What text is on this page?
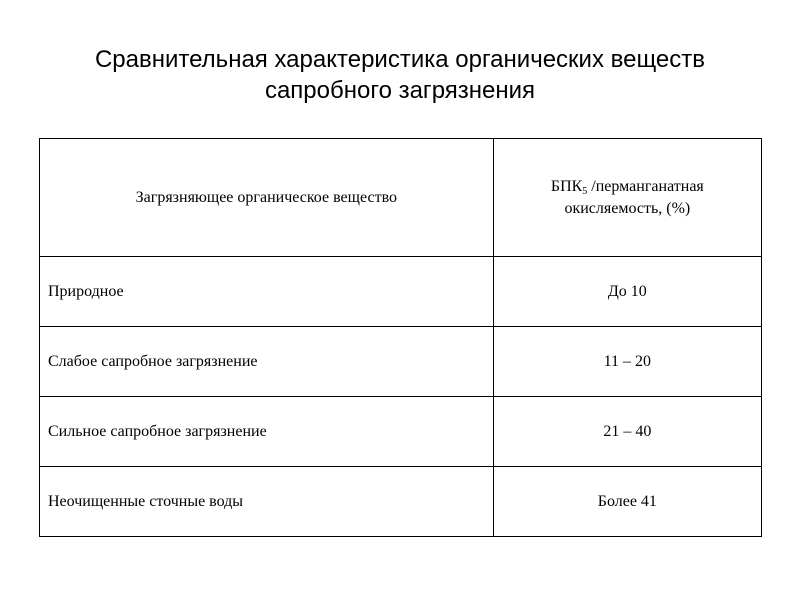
Сравнительная характеристика органических веществ
сапробного загрязнения
Загрязняющее органическое вещество	$БПК_5$ /перманганатная
окисляемость, (%)

Природное	До 10
Слабое сапробное загрязнение	11 – 20
Сильное сапробное загрязнение	21 – 40
Неочищенные сточные воды	Более 41
